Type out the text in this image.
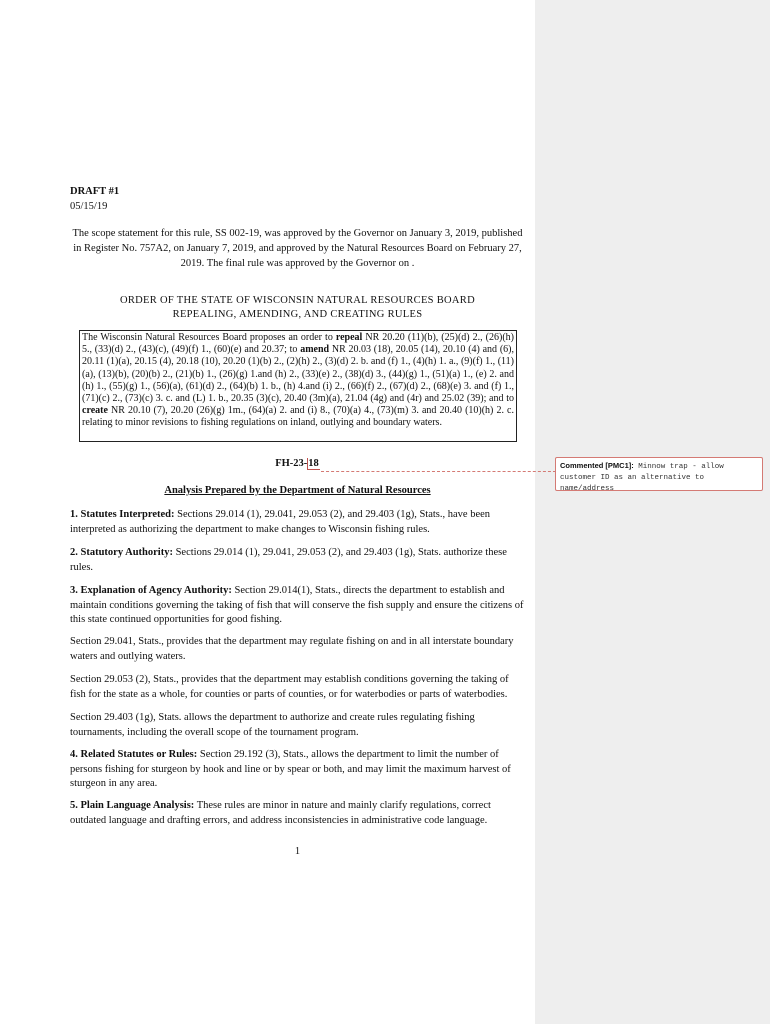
DRAFT #1
05/15/19
The scope statement for this rule, SS 002-19, was approved by the Governor on January 3, 2019, published in Register No. 757A2, on January 7, 2019, and approved by the Natural Resources Board on February 27, 2019. The final rule was approved by the Governor on .
ORDER OF THE STATE OF WISCONSIN NATURAL RESOURCES BOARD
REPEALING, AMENDING, AND CREATING RULES
The Wisconsin Natural Resources Board proposes an order to repeal NR 20.20 (11)(b), (25)(d) 2., (26)(h) 5., (33)(d) 2., (43)(c), (49)(f) 1., (60)(e) and 20.37; to amend NR 20.03 (18), 20.05 (14), 20.10 (4) and (6), 20.11 (1)(a), 20.15 (4), 20.18 (10), 20.20 (1)(b) 2., (2)(h) 2., (3)(d) 2. b. and (f) 1., (4)(h) 1. a., (9)(f) 1., (11)(a), (13)(b), (20)(b) 2., (21)(b) 1., (26)(g) 1.and (h) 2., (33)(e) 2., (38)(d) 3., (44)(g) 1., (51)(a) 1., (e) 2. and (h) 1., (55)(g) 1., (56)(a), (61)(d) 2., (64)(b) 1. b., (h) 4.and (i) 2., (66)(f) 2., (67)(d) 2., (68)(e) 3. and (f) 1., (71)(c) 2., (73)(c) 3. c. and (L) 1. b., 20.35 (3)(c), 20.40 (3m)(a), 21.04 (4g) and (4r) and 25.02 (39); and to create NR 20.10 (7), 20.20 (26)(g) 1m., (64)(a) 2. and (i) 8., (70)(a) 4., (73)(m) 3. and 20.40 (10)(h) 2. c. relating to minor revisions to fishing regulations on inland, outlying and boundary waters.
FH-23-18
Analysis Prepared by the Department of Natural Resources
1. Statutes Interpreted: Sections 29.014 (1), 29.041, 29.053 (2), and 29.403 (1g), Stats., have been interpreted as authorizing the department to make changes to Wisconsin fishing rules.
2. Statutory Authority: Sections 29.014 (1), 29.041, 29.053 (2), and 29.403 (1g), Stats. authorize these rules.
3. Explanation of Agency Authority: Section 29.014(1), Stats., directs the department to establish and maintain conditions governing the taking of fish that will conserve the fish supply and ensure the citizens of this state continued opportunities for good fishing.
Section 29.041, Stats., provides that the department may regulate fishing on and in all interstate boundary waters and outlying waters.
Section 29.053 (2), Stats., provides that the department may establish conditions governing the taking of fish for the state as a whole, for counties or parts of counties, or for waterbodies or parts of waterbodies.
Section 29.403 (1g), Stats. allows the department to authorize and create rules regulating fishing tournaments, including the overall scope of the tournament program.
4. Related Statutes or Rules: Section 29.192 (3), Stats., allows the department to limit the number of persons fishing for sturgeon by hook and line or by spear or both, and may limit the maximum harvest of sturgeon in any area.
5. Plain Language Analysis: These rules are minor in nature and mainly clarify regulations, correct outdated language and drafting errors, and address inconsistencies in administrative code language.
1
Commented [PMC1]: Minnow trap - allow customer ID as an alternative to name/address
